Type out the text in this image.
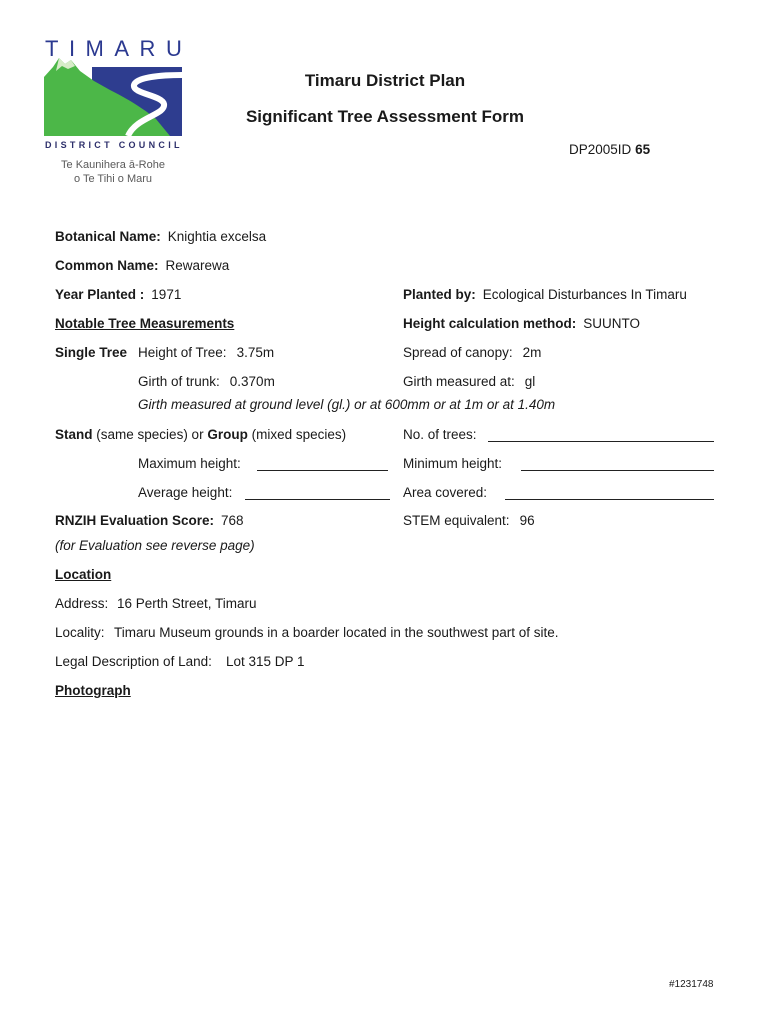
TIMARU
DISTRICT COUNCIL
Te Kaunihera ā-Rohe
o Te Tihi o Maru
Timaru District Plan
Significant Tree Assessment Form
DP2005ID 65
Botanical Name: Knightia excelsa
Common Name: Rewarewa
Year Planted : 1971	Planted by: Ecological Disturbances In Timaru
Notable Tree Measurements	Height calculation method: SUUNTO
Single Tree Height of Tree: 3.75m	Spread of canopy: 2m
Girth of trunk: 0.370m	Girth measured at: gl
Girth measured at ground level (gl.) or at 600mm or at 1m or at 1.40m
Stand (same species) or Group (mixed species)	No. of trees:
Maximum height:	Minimum height:
Average height:	Area covered:
RNZIH Evaluation Score: 768	STEM equivalent: 96
(for Evaluation see reverse page)
Location
Address: 16 Perth Street, Timaru
Locality: Timaru Museum grounds in a boarder located in the southwest part of site.
Legal Description of Land: Lot 315 DP 1
Photograph
#1231748
